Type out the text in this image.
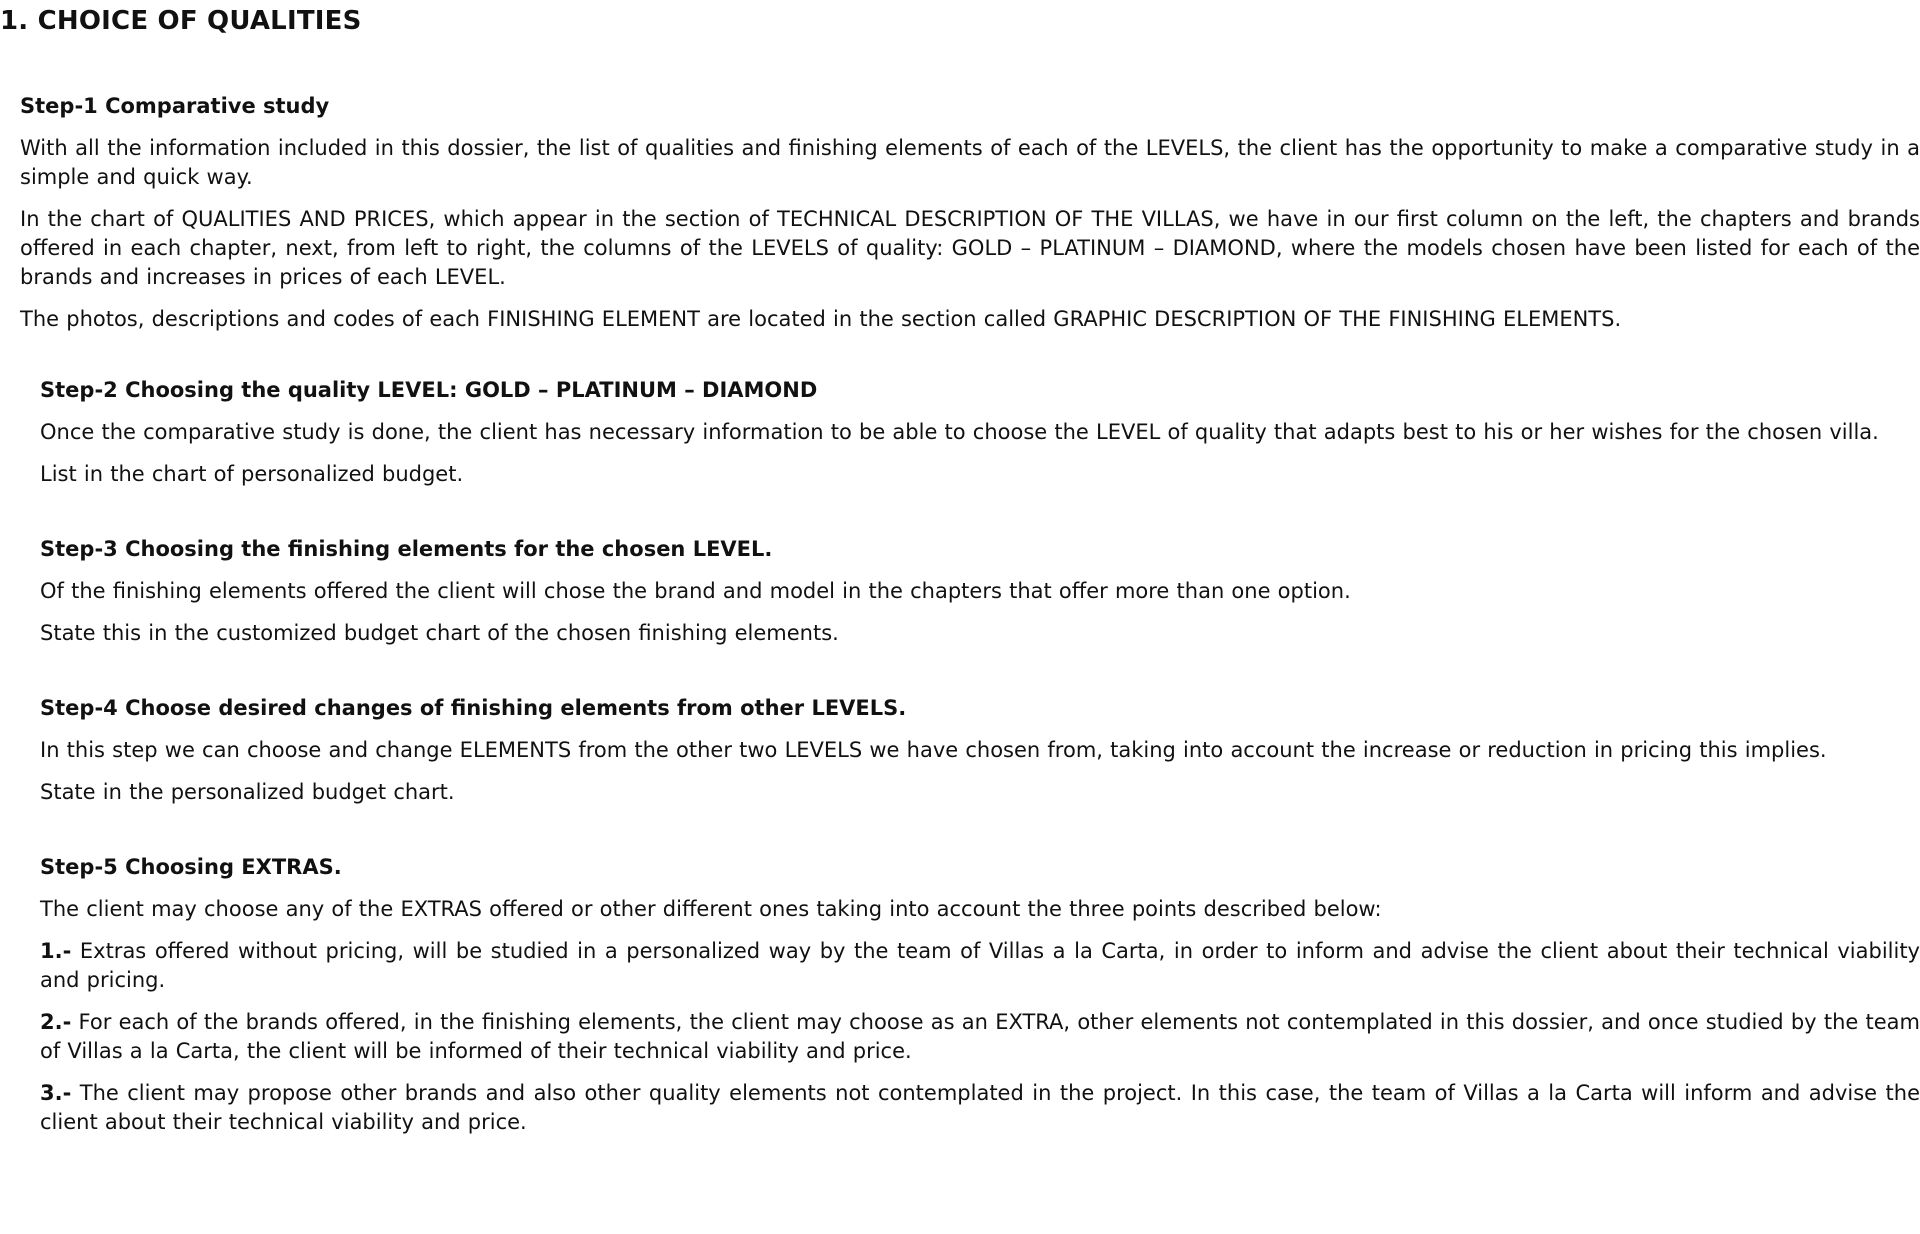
1. CHOICE OF QUALITIES
Step-1 Comparative study

With all the information included in this dossier, the list of qualities and finishing elements of each of the LEVELS, the client has the opportunity to make a comparative study in a simple and quick way.

In the chart of QUALITIES AND PRICES, which appear in the section of TECHNICAL DESCRIPTION OF THE VILLAS, we have in our first column on the left, the chapters and brands offered in each chapter, next, from left to right, the columns of the LEVELS of quality: GOLD – PLATINUM – DIAMOND, where the models chosen have been listed for each of the brands and increases in prices of each LEVEL.

The photos, descriptions and codes of each FINISHING ELEMENT are located in the section called GRAPHIC DESCRIPTION OF THE FINISHING ELEMENTS.

Step-2 Choosing the quality LEVEL: GOLD – PLATINUM – DIAMOND

Once the comparative study is done, the client has necessary information to be able to choose the LEVEL of quality that adapts best to his or her wishes for the chosen villa.

List in the chart of personalized budget.

Step-3 Choosing the finishing elements for the chosen LEVEL.

Of the finishing elements offered the client will chose the brand and model in the chapters that offer more than one option.

State this in the customized budget chart of the chosen finishing elements.

Step-4 Choose desired changes of finishing elements from other LEVELS.

In this step we can choose and change ELEMENTS from the other two LEVELS we have chosen from, taking into account the increase or reduction in pricing this implies.

State in the personalized budget chart.

Step-5 Choosing EXTRAS.

The client may choose any of the EXTRAS offered or other different ones taking into account the three points described below:

1.- Extras offered without pricing, will be studied in a personalized way by the team of Villas a la Carta, in order to inform and advise the client about their technical viability and pricing.

2.- For each of the brands offered, in the finishing elements, the client may choose as an EXTRA, other elements not contemplated in this dossier, and once studied by the team of Villas a la Carta, the client will be informed of their technical viability and price.

3.- The client may propose other brands and also other quality elements not contemplated in the project. In this case, the team of Villas a la Carta will inform and advise the client about their technical viability and price.
